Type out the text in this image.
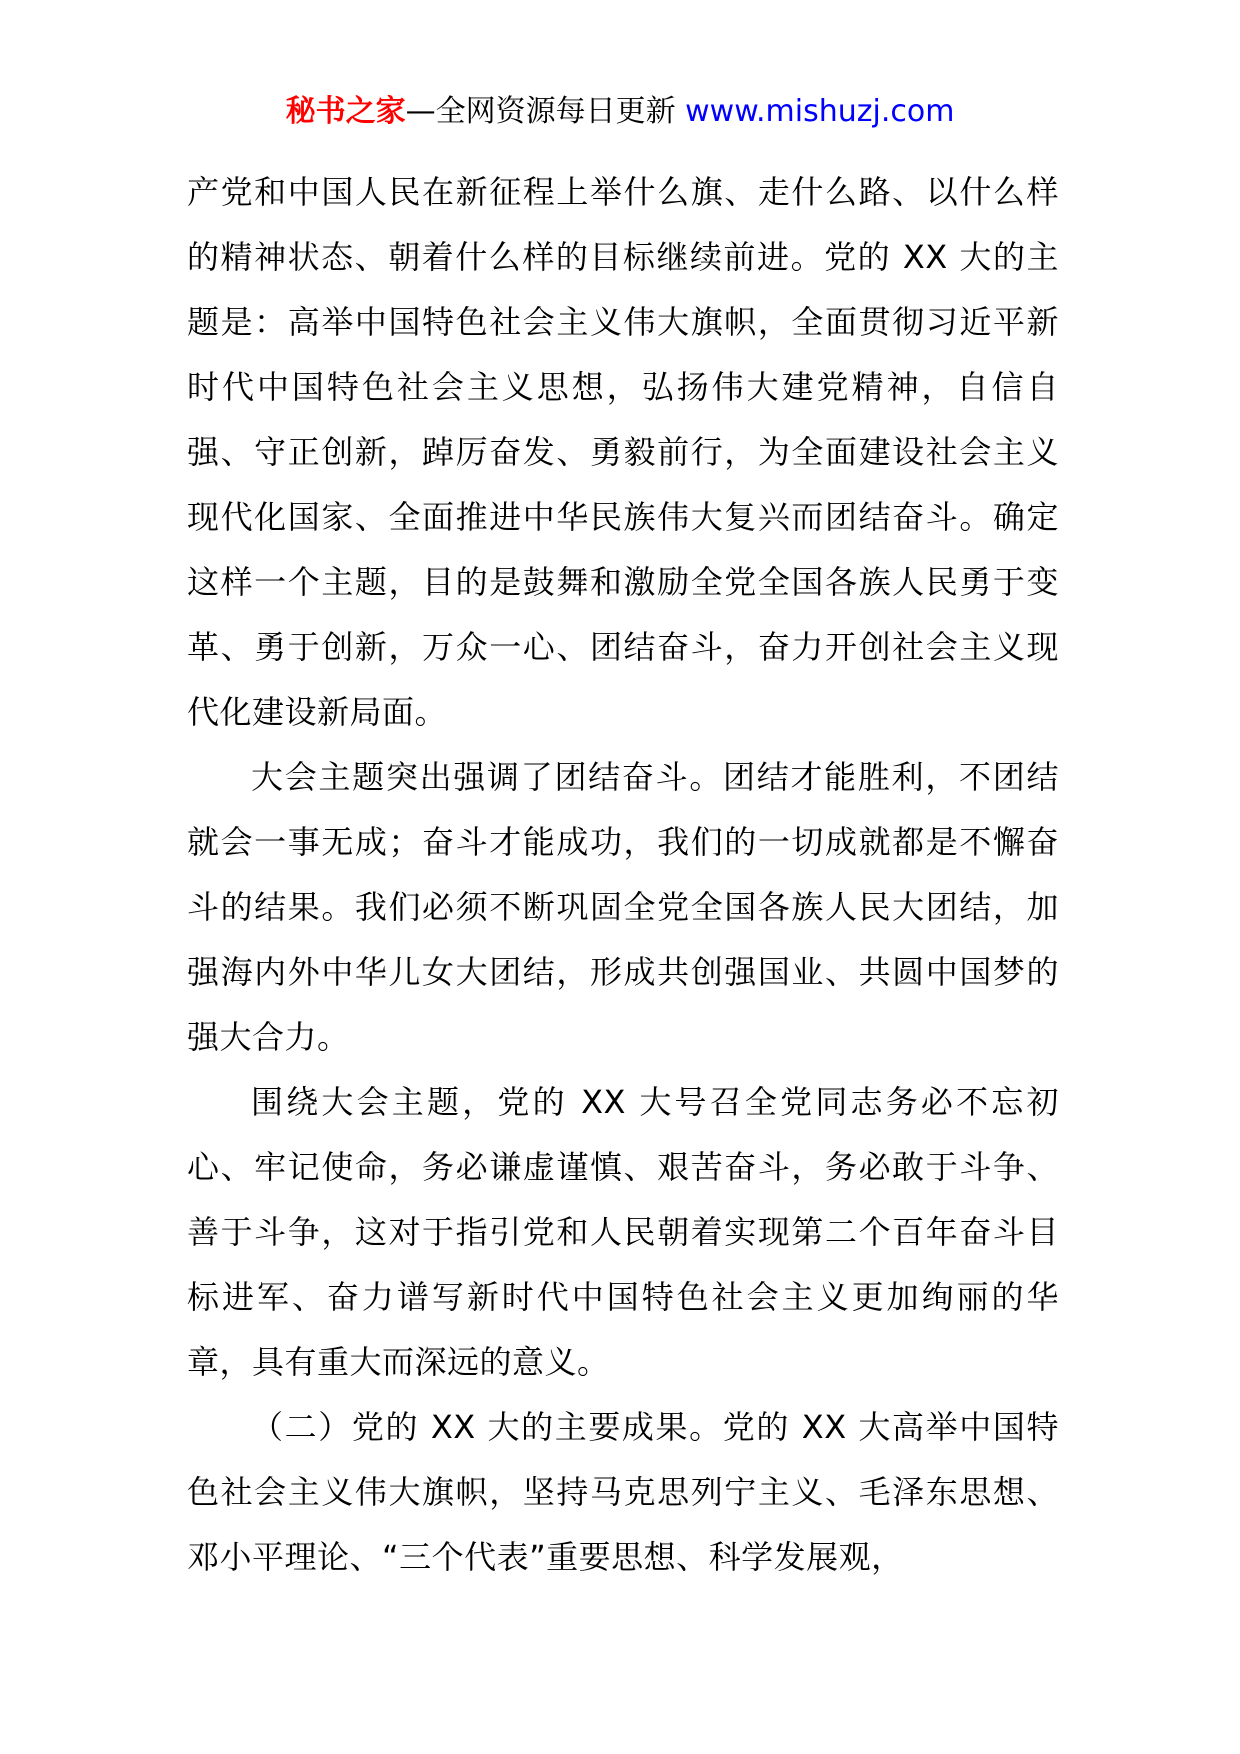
秘书之家—全网资源每日更新 www.mishuzj.com

产党和中国人民在新征程上举什么旗、走什么路、以什么样的精神状态、朝着什么样的目标继续前进。党的 XX 大的主题是：高举中国特色社会主义伟大旗帜，全面贯彻习近平新时代中国特色社会主义思想，弘扬伟大建党精神，自信自强、守正创新，踔厉奋发、勇毅前行，为全面建设社会主义现代化国家、全面推进中华民族伟大复兴而团结奋斗。确定这样一个主题，目的是鼓舞和激励全党全国各族人民勇于变革、勇于创新，万众一心、团结奋斗，奋力开创社会主义现代化建设新局面。

大会主题突出强调了团结奋斗。团结才能胜利，不团结就会一事无成；奋斗才能成功，我们的一切成就都是不懈奋斗的结果。我们必须不断巩固全党全国各族人民大团结，加强海内外中华儿女大团结，形成共创强国业、共圆中国梦的强大合力。

围绕大会主题，党的 XX 大号召全党同志务必不忘初心、牢记使命，务必谦虚谨慎、艰苦奋斗，务必敢于斗争、善于斗争，这对于指引党和人民朝着实现第二个百年奋斗目标进军、奋力谱写新时代中国特色社会主义更加绚丽的华章，具有重大而深远的意义。

（二）党的 XX 大的主要成果。党的 XX 大高举中国特色社会主义伟大旗帜，坚持马克思列宁主义、毛泽东思想、邓小平理论、“三个代表”重要思想、科学发展观，
